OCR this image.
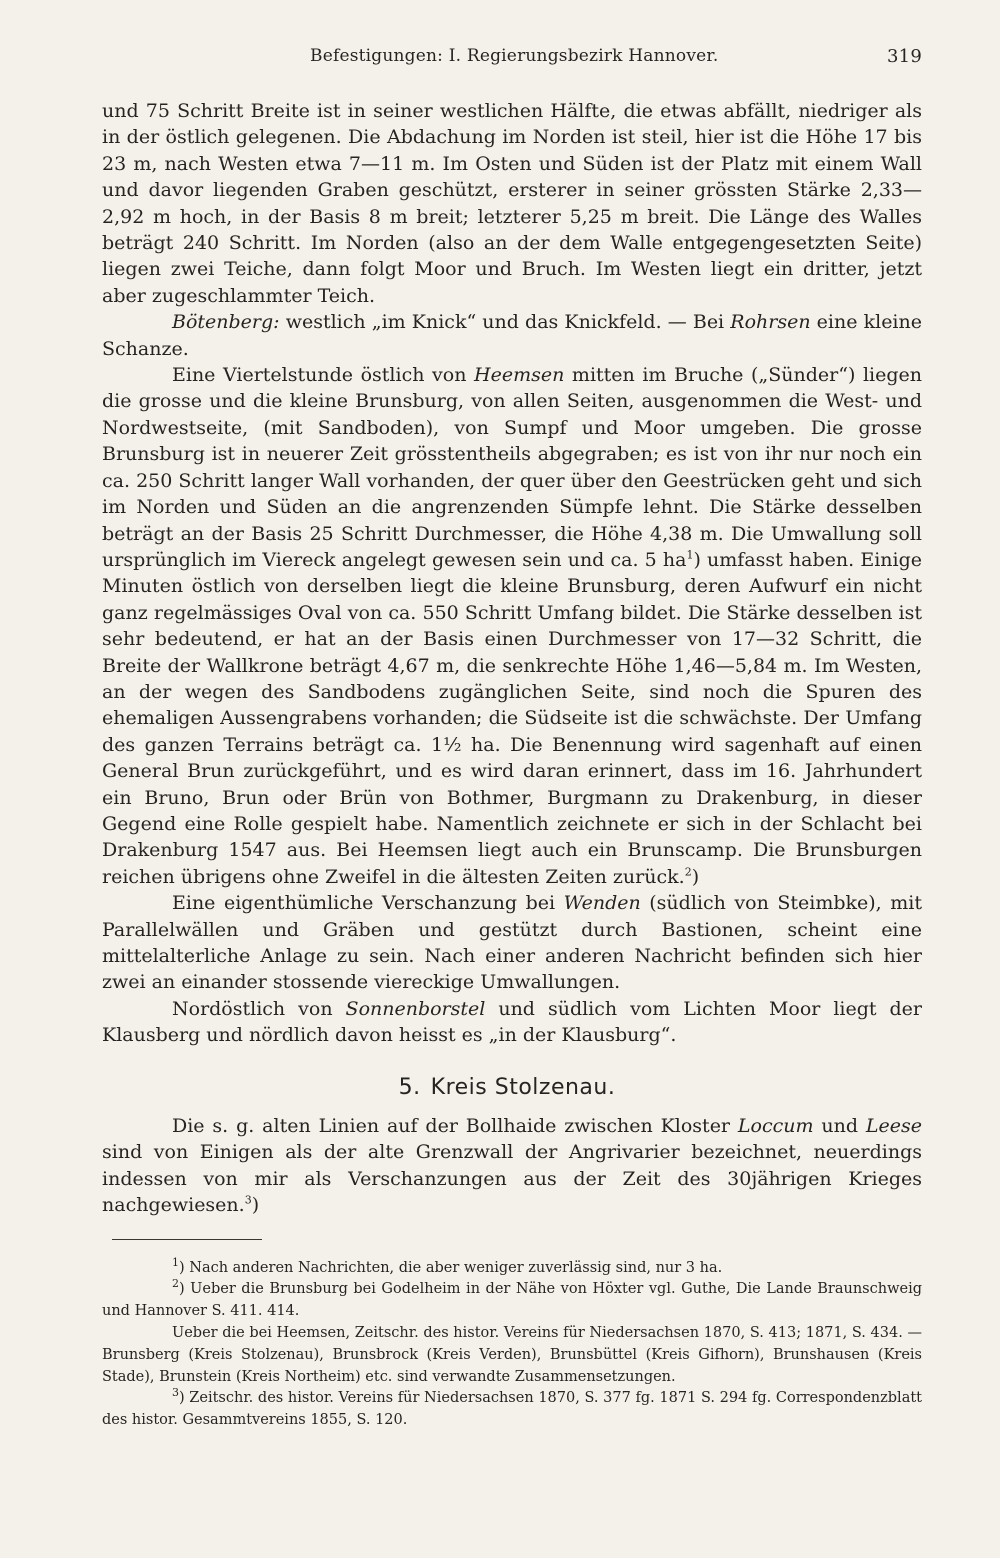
Befestigungen: I. Regierungsbezirk Hannover.	319

und 75 Schritt Breite ist in seiner westlichen Hälfte, die etwas abfällt, niedriger als in der östlich gelegenen. Die Abdachung im Norden ist steil, hier ist die Höhe 17 bis 23 m, nach Westen etwa 7—11 m. Im Osten und Süden ist der Platz mit einem Wall und davor liegenden Graben geschützt, ersterer in seiner grössten Stärke 2,33—2,92 m hoch, in der Basis 8 m breit; letzterer 5,25 m breit. Die Länge des Walles beträgt 240 Schritt. Im Norden (also an der dem Walle entgegengesetzten Seite) liegen zwei Teiche, dann folgt Moor und Bruch. Im Westen liegt ein dritter, jetzt aber zugeschlammter Teich.

Bötenberg: westlich „im Knick“ und das Knickfeld. — Bei Rohrsen eine kleine Schanze.

Eine Viertelstunde östlich von Heemsen mitten im Bruche („Sünder“) liegen die grosse und die kleine Brunsburg, von allen Seiten, ausgenommen die West- und Nordwestseite, (mit Sandboden), von Sumpf und Moor umgeben. Die grosse Brunsburg ist in neuerer Zeit grösstentheils abgegraben; es ist von ihr nur noch ein ca. 250 Schritt langer Wall vorhanden, der quer über den Geestrücken geht und sich im Norden und Süden an die angrenzenden Sümpfe lehnt. Die Stärke desselben beträgt an der Basis 25 Schritt Durchmesser, die Höhe 4,38 m. Die Umwallung soll ursprünglich im Viereck angelegt gewesen sein und ca. 5 $ha^1$) umfasst haben. Einige Minuten östlich von derselben liegt die kleine Brunsburg, deren Aufwurf ein nicht ganz regelmässiges Oval von ca. 550 Schritt Umfang bildet. Die Stärke desselben ist sehr bedeutend, er hat an der Basis einen Durchmesser von 17—32 Schritt, die Breite der Wallkrone beträgt 4,67 m, die senkrechte Höhe 1,46—5,84 m. Im Westen, an der wegen des Sandbodens zugänglichen Seite, sind noch die Spuren des ehemaligen Aussengrabens vorhanden; die Südseite ist die schwächste. Der Umfang des ganzen Terrains beträgt ca. 1½ ha. Die Benennung wird sagenhaft auf einen General Brun zurückgeführt, und es wird daran erinnert, dass im 16. Jahrhundert ein Bruno, Brun oder Brün von Bothmer, Burgmann zu Drakenburg, in dieser Gegend eine Rolle gespielt habe. Namentlich zeichnete er sich in der Schlacht bei Drakenburg 1547 aus. Bei Heemsen liegt auch ein Brunscamp. Die Brunsburgen reichen übrigens ohne Zweifel in die ältesten Zeiten zurück.$^2$)

Eine eigenthümliche Verschanzung bei Wenden (südlich von Steimbke), mit Parallelwällen und Gräben und gestützt durch Bastionen, scheint eine mittelalterliche Anlage zu sein. Nach einer anderen Nachricht befinden sich hier zwei an einander stossende viereckige Umwallungen.

Nordöstlich von Sonnenborstel und südlich vom Lichten Moor liegt der Klausberg und nördlich davon heisst es „in der Klausburg“.

5. Kreis Stolzenau.

Die s. g. alten Linien auf der Bollhaide zwischen Kloster Loccum und Leese sind von Einigen als der alte Grenzwall der Angrivarier bezeichnet, neuerdings indessen von mir als Verschanzungen aus der Zeit des 30jährigen Krieges nachgewiesen.$^3$)

$^1$) Nach anderen Nachrichten, die aber weniger zuverlässig sind, nur 3 ha.

$^2$) Ueber die Brunsburg bei Godelheim in der Nähe von Höxter vgl. Guthe, Die Lande Braunschweig und Hannover S. 411. 414.

Ueber die bei Heemsen, Zeitschr. des histor. Vereins für Niedersachsen 1870, S. 413; 1871, S. 434. — Brunsberg (Kreis Stolzenau), Brunsbrock (Kreis Verden), Brunsbüttel (Kreis Gifhorn), Brunshausen (Kreis Stade), Brunstein (Kreis Northeim) etc. sind verwandte Zusammensetzungen.

$^3$) Zeitschr. des histor. Vereins für Niedersachsen 1870, S. 377 fg. 1871 S. 294 fg. Correspondenzblatt des histor. Gesammtvereins 1855, S. 120.
